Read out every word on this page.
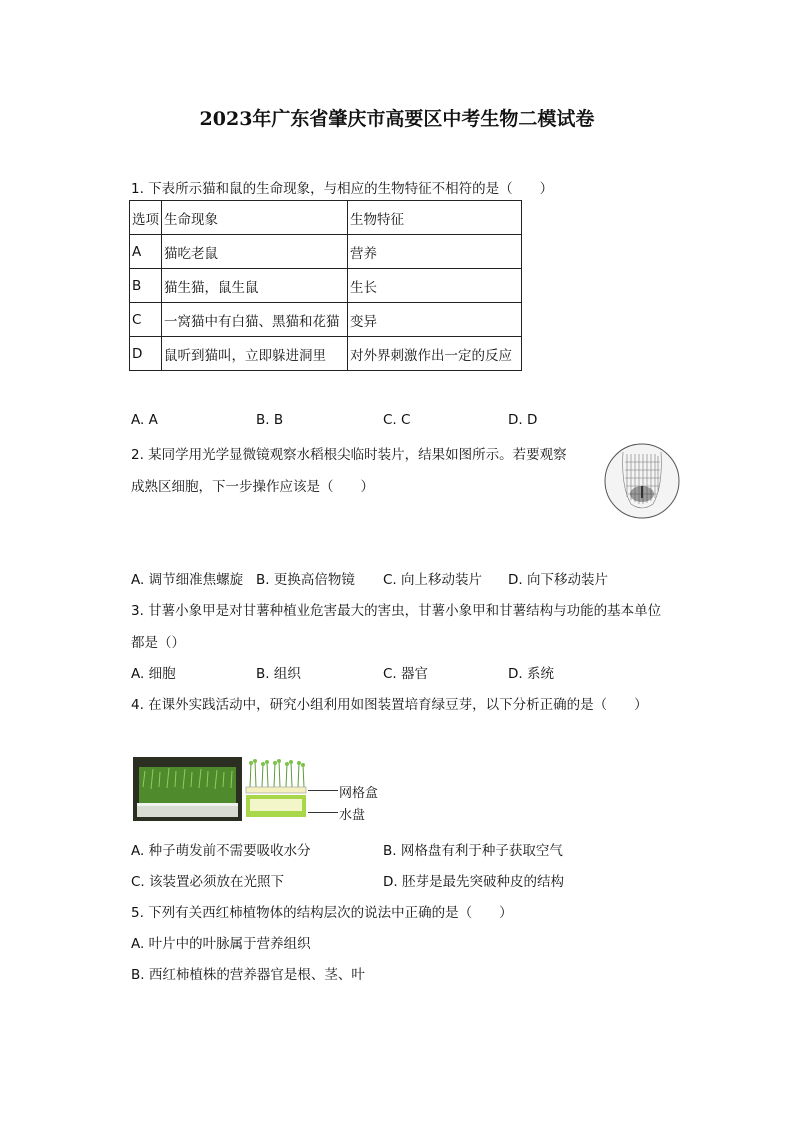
2023年广东省肇庆市高要区中考生物二模试卷
1. 下表所示猫和鼠的生命现象，与相应的生物特征不相符的是（　　）
选项	生命现象	生物特征
A	猫吃老鼠	营养
B	猫生猫，鼠生鼠	生长
C	一窝猫中有白猫、黑猫和花猫	变异
D	鼠听到猫叫，立即躲进洞里	对外界刺激作出一定的反应
A. A	B. B	C. C	D. D
2. 某同学用光学显微镜观察水稻根尖临时装片，结果如图所示。若要观察
成熟区细胞，下一步操作应该是（　　）
A. 调节细准焦螺旋 B. 更换高倍物镜 C. 向上移动装片 D. 向下移动装片
3. 甘薯小象甲是对甘薯种植业危害最大的害虫，甘薯小象甲和甘薯结构与功能的基本单位
都是（）
A. 细胞	B. 组织	C. 器官	D. 系统
4. 在课外实践活动中，研究小组利用如图装置培育绿豆芽，以下分析正确的是（　　）
网格盒
水盘
A. 种子萌发前不需要吸收水分	B. 网格盘有利于种子获取空气
C. 该装置必须放在光照下	D. 胚芽是最先突破种皮的结构
5. 下列有关西红柿植物体的结构层次的说法中正确的是（　　）
A. 叶片中的叶脉属于营养组织
B. 西红柿植株的营养器官是根、茎、叶
